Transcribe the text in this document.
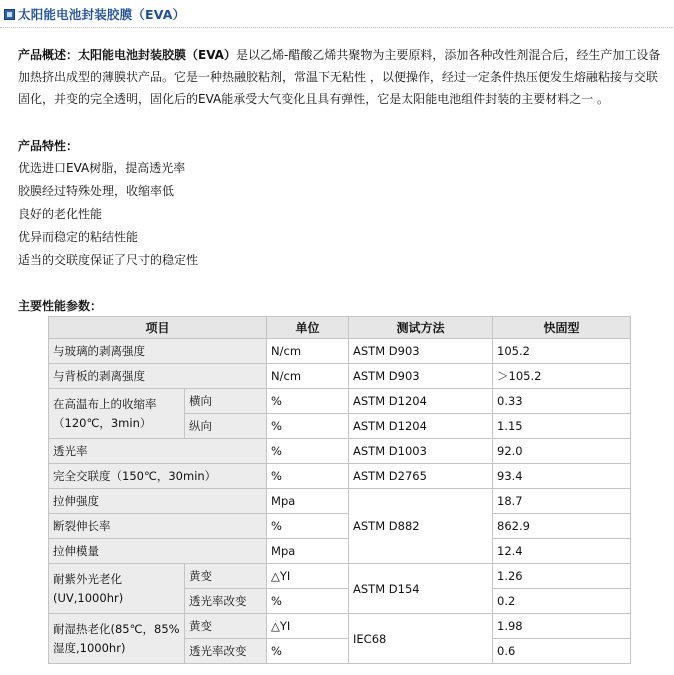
太阳能电池封装胶膜（EVA）
产品概述：太阳能电池封装胶膜（EVA）是以乙烯-醋酸乙烯共聚物为主要原料，添加各种改性剂混合后，经生产加工设备加热挤出成型的薄膜状产品。它是一种热融胶粘剂，常温下无粘性 ，以便操作，经过一定条件热压便发生熔融粘接与交联固化，并变的完全透明，固化后的EVA能承受大气变化且具有弹性，它是太阳能电池组件封装的主要材料之一 。
产品特性：
优选进口EVA树脂，提高透光率
胶膜经过特殊处理，收缩率低
良好的老化性能
优异而稳定的粘结性能
适当的交联度保证了尺寸的稳定性
主要性能参数：
项目		单位	测试方法	快固型
与玻璃的剥离强度		N/cm	ASTM D903	105.2
与背板的剥离强度		N/cm	ASTM D903	＞105.2
在高温布上的收缩率（120℃，3min）	横向	%	ASTM D1204	0.33
	纵向	%	ASTM D1204	1.15
透光率		%	ASTM D1003	92.0
完全交联度（150℃，30min）		%	ASTM D2765	93.4
拉伸强度		Mpa	ASTM D882	18.7
断裂伸长率		%		862.9
拉伸模量		Mpa		12.4
耐紫外光老化(UV,1000hr)	黄变	△YI	ASTM D154	1.26
	透光率改变	%		0.2
耐湿热老化(85℃，85%湿度,1000hr)	黄变	△YI	IEC68	1.98
	透光率改变	%		0.6
